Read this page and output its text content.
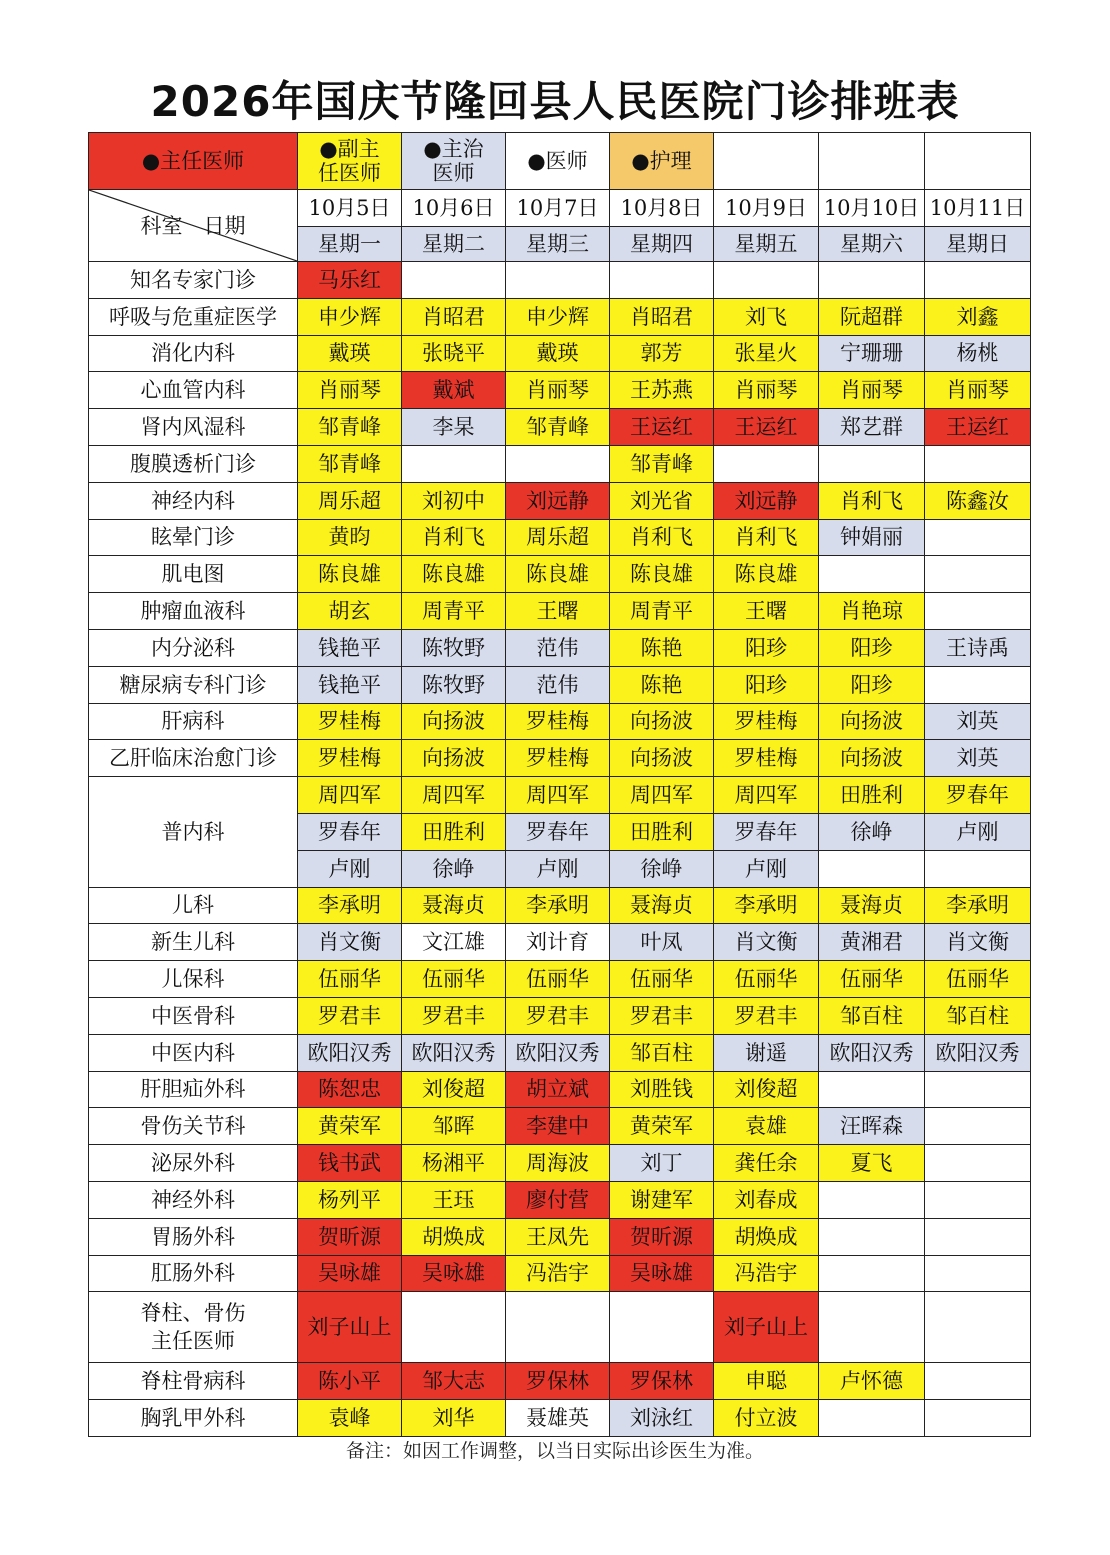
2026年国庆节隆回县人民医院门诊排班表
●主任医师	●副主任医师	●主治医师	●医师	●护理			

科室　日期	10月5日	10月6日	10月7日	10月8日	10月9日	10月10日	10月11日
	星期一	星期二	星期三	星期四	星期五	星期六	星期日
知名专家门诊	马乐红						
呼吸与危重症医学	申少辉	肖昭君	申少辉	肖昭君	刘飞	阮超群	刘鑫
消化内科	戴瑛	张晓平	戴瑛	郭芳	张星火	宁珊珊	杨桃
心血管内科	肖丽琴	戴斌	肖丽琴	王苏燕	肖丽琴	肖丽琴	肖丽琴
肾内风湿科	邹青峰	李杲	邹青峰	王运红	王运红	郑艺群	王运红
腹膜透析门诊	邹青峰			邹青峰			
神经内科	周乐超	刘初中	刘远静	刘光省	刘远静	肖利飞	陈鑫汝
眩晕门诊	黄昀	肖利飞	周乐超	肖利飞	肖利飞	钟娟丽	
肌电图	陈良雄	陈良雄	陈良雄	陈良雄	陈良雄		
肿瘤血液科	胡玄	周青平	王曙	周青平	王曙	肖艳琼	
内分泌科	钱艳平	陈牧野	范伟	陈艳	阳珍	阳珍	王诗禹
糖尿病专科门诊	钱艳平	陈牧野	范伟	陈艳	阳珍	阳珍	
肝病科	罗桂梅	向扬波	罗桂梅	向扬波	罗桂梅	向扬波	刘英
乙肝临床治愈门诊	罗桂梅	向扬波	罗桂梅	向扬波	罗桂梅	向扬波	刘英
普内科	周四军	周四军	周四军	周四军	周四军	田胜利	罗春年
	罗春年	田胜利	罗春年	田胜利	罗春年	徐峥	卢刚
	卢刚	徐峥	卢刚	徐峥	卢刚		
儿科	李承明	聂海贞	李承明	聂海贞	李承明	聂海贞	李承明
新生儿科	肖文衡	文江雄	刘计育	叶凤	肖文衡	黄湘君	肖文衡
儿保科	伍丽华	伍丽华	伍丽华	伍丽华	伍丽华	伍丽华	伍丽华
中医骨科	罗君丰	罗君丰	罗君丰	罗君丰	罗君丰	邹百柱	邹百柱
中医内科	欧阳汉秀	欧阳汉秀	欧阳汉秀	邹百柱	谢遥	欧阳汉秀	欧阳汉秀
肝胆疝外科	陈恕忠	刘俊超	胡立斌	刘胜钱	刘俊超		
骨伤关节科	黄荣军	邹晖	李建中	黄荣军	袁雄	汪晖森	
泌尿外科	钱书武	杨湘平	周海波	刘丁	龚任余	夏飞	
神经外科	杨列平	王珏	廖付营	谢建军	刘春成		
胃肠外科	贺昕源	胡焕成	王凤先	贺昕源	胡焕成		
肛肠外科	吴咏雄	吴咏雄	冯浩宇	吴咏雄	冯浩宇		
脊柱、骨伤
主任医师	刘子山上				刘子山上		
脊柱骨病科	陈小平	邹大志	罗保林	罗保林	申聪	卢怀德	
胸乳甲外科	袁峰	刘华	聂雄英	刘泳红	付立波		
备注：如因工作调整，以当日实际出诊医生为准。
